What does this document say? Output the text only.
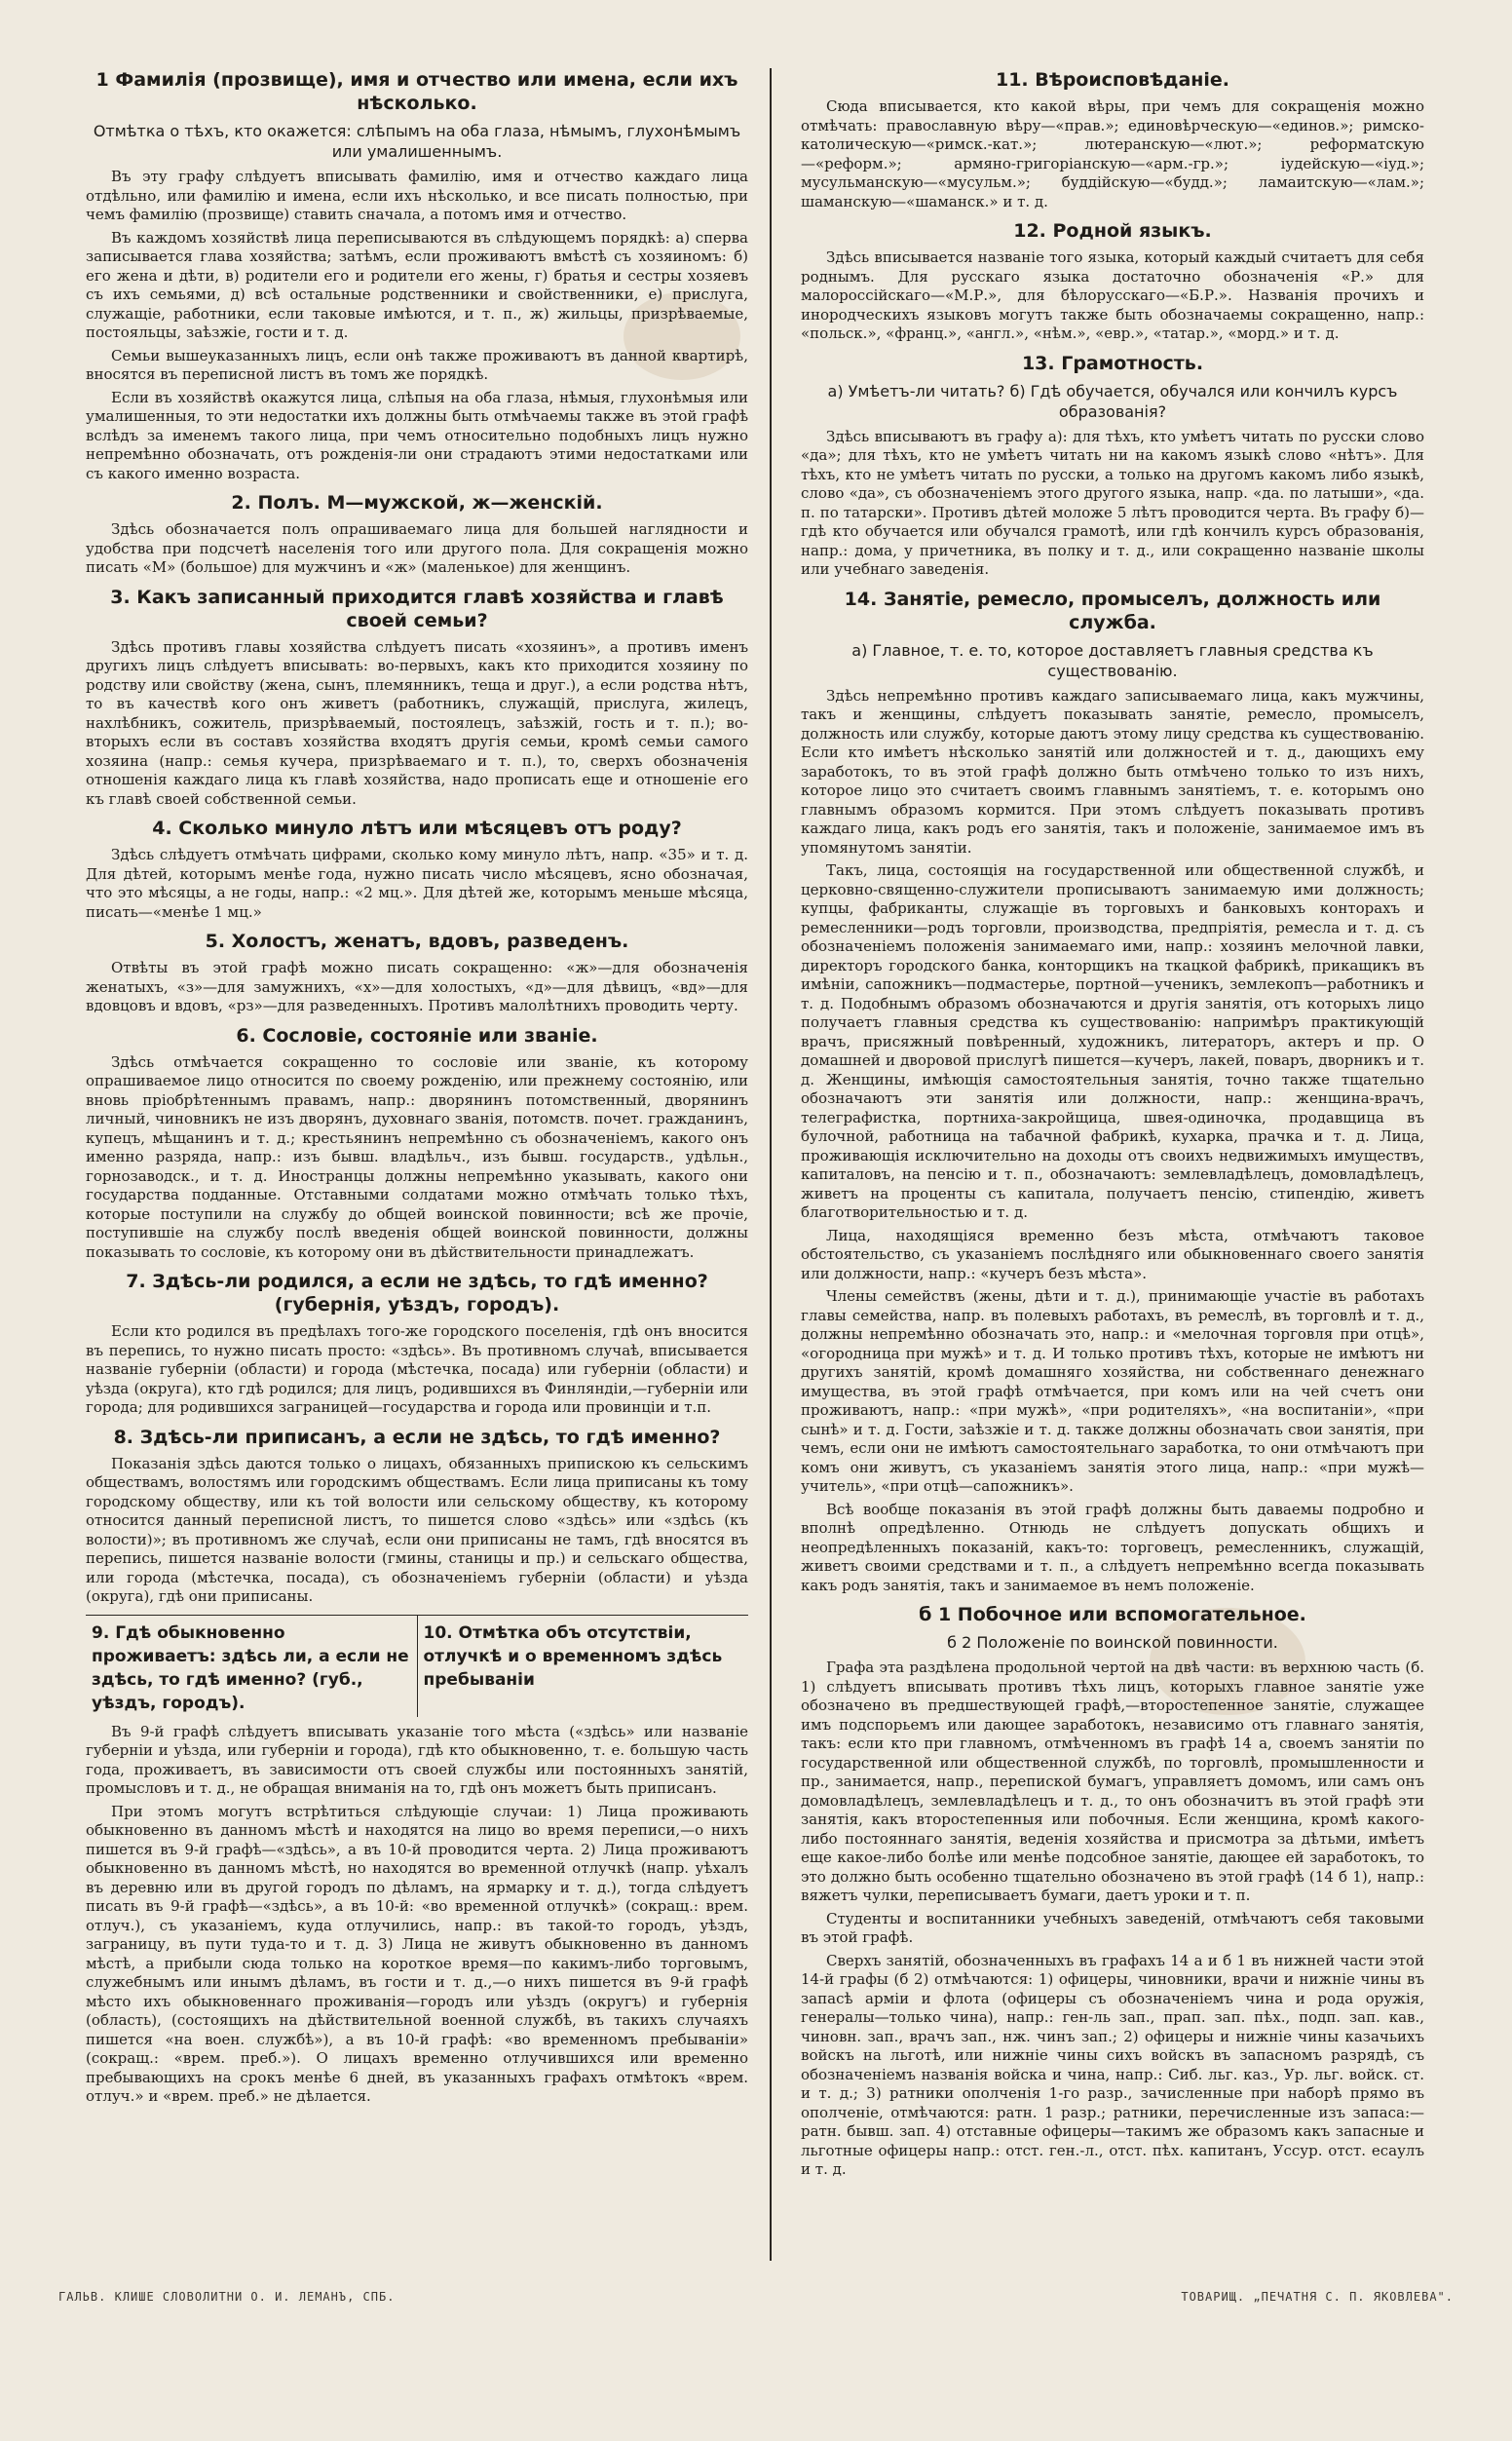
1 Фамилія (прозвище), имя и отчество или имена, если ихъ нѣсколько.
Отмѣтка о тѣхъ, кто окажется: слѣпымъ на оба глаза, нѣмымъ, глухонѣмымъ или умалишеннымъ.

Въ эту графу слѣдуетъ вписывать фамилію, имя и отчество каждаго лица отдѣльно, или фамилію и имена, если ихъ нѣсколько, и все писать полностью, при чемъ фамилію (прозвище) ставить сначала, а потомъ имя и отчество.

Въ каждомъ хозяйствѣ лица переписываются въ слѣдующемъ порядкѣ: а) сперва записывается глава хозяйства; затѣмъ, если проживаютъ вмѣстѣ съ хозяиномъ: б) его жена и дѣти, в) родители его и родители его жены, г) братья и сестры хозяевъ съ ихъ семьями, д) всѣ остальные родственники и свойственники, е) прислуга, служащіе, работники, если таковые имѣются, и т. п., ж) жильцы, призрѣваемые, постояльцы, заѣзжіе, гости и т. д.

Семьи вышеуказанныхъ лицъ, если онѣ также проживаютъ въ данной квартирѣ, вносятся въ переписной листъ въ томъ же порядкѣ.

Если въ хозяйствѣ окажутся лица, слѣпыя на оба глаза, нѣмыя, глухонѣмыя или умалишенныя, то эти недостатки ихъ должны быть отмѣчаемы также въ этой графѣ вслѣдъ за именемъ такого лица, при чемъ относительно подобныхъ лицъ нужно непремѣнно обозначать, отъ рожденія-ли они страдаютъ этими недостатками или съ какого именно возраста.

2. Полъ. М—мужской, ж—женскій.

Здѣсь обозначается полъ опрашиваемаго лица для большей наглядности и удобства при подсчетѣ населенія того или другого пола. Для сокращенія можно писать «М» (большое) для мужчинъ и «ж» (маленькое) для женщинъ.

3. Какъ записанный приходится главѣ хозяйства и главѣ своей семьи?

Здѣсь противъ главы хозяйства слѣдуетъ писать «хозяинъ», а противъ именъ другихъ лицъ слѣдуетъ вписывать: во-первыхъ, какъ кто приходится хозяину по родству или свойству (жена, сынъ, племянникъ, теща и друг.), а если родства нѣтъ, то въ качествѣ кого онъ живетъ (работникъ, служащій, прислуга, жилецъ, нахлѣбникъ, сожитель, призрѣваемый, постоялецъ, заѣзжій, гость и т. п.); во-вторыхъ если въ составъ хозяйства входятъ другія семьи, кромѣ семьи самого хозяина (напр.: семья кучера, призрѣваемаго и т. п.), то, сверхъ обозначенія отношенія каждаго лица къ главѣ хозяйства, надо прописать еще и отношеніе его къ главѣ своей собственной семьи.

4. Сколько минуло лѣтъ или мѣсяцевъ отъ роду?

Здѣсь слѣдуетъ отмѣчать цифрами, сколько кому минуло лѣтъ, напр. «35» и т. д. Для дѣтей, которымъ менѣе года, нужно писать число мѣсяцевъ, ясно обозначая, что это мѣсяцы, а не годы, напр.: «2 мц.». Для дѣтей же, которымъ меньше мѣсяца, писать—«менѣе 1 мц.»

5. Холостъ, женатъ, вдовъ, разведенъ.

Отвѣты въ этой графѣ можно писать сокращенно: «ж»—для обозначенія женатыхъ, «з»—для замужнихъ, «х»—для холостыхъ, «д»—для дѣвицъ, «вд»—для вдовцовъ и вдовъ, «рз»—для разведенныхъ. Противъ малолѣтнихъ проводить черту.

6. Сословіе, состояніе или званіе.

Здѣсь отмѣчается сокращенно то сословіе или званіе, къ которому опрашиваемое лицо относится по своему рожденію, или прежнему состоянію, или вновь пріобрѣтеннымъ правамъ, напр.: дворянинъ потомственный, дворянинъ личный, чиновникъ не изъ дворянъ, духовнаго званія, потомств. почет. гражданинъ, купецъ, мѣщанинъ и т. д.; крестьянинъ непремѣнно съ обозначеніемъ, какого онъ именно разряда, напр.: изъ бывш. владѣльч., изъ бывш. государств., удѣльн., горнозаводск., и т. д. Иностранцы должны непремѣнно указывать, какого они государства подданные. Отставными солдатами можно отмѣчать только тѣхъ, которые поступили на службу до общей воинской повинности; всѣ же прочіе, поступившіе на службу послѣ введенія общей воинской повинности, должны показывать то сословіе, къ которому они въ дѣйствительности принадлежатъ.

7. Здѣсь-ли родился, а если не здѣсь, то гдѣ именно? (губернія, уѣздъ, городъ).

Если кто родился въ предѣлахъ того-же городского поселенія, гдѣ онъ вносится въ перепись, то нужно писать просто: «здѣсь». Въ противномъ случаѣ, вписывается названіе губерніи (области) и города (мѣстечка, посада) или губерніи (области) и уѣзда (округа), кто гдѣ родился; для лицъ, родившихся въ Финляндіи,—губерніи или города; для родившихся заграницей—государства и города или провинціи и т.п.

8. Здѣсь-ли приписанъ, а если не здѣсь, то гдѣ именно?

Показанія здѣсь даются только о лицахъ, обязанныхъ припискою къ сельскимъ обществамъ, волостямъ или городскимъ обществамъ. Если лица приписаны къ тому городскому обществу, или къ той волости или сельскому обществу, къ которому относится данный переписной листъ, то пишется слово «здѣсь» или «здѣсь (къ волости)»; въ противномъ же случаѣ, если они приписаны не тамъ, гдѣ вносятся въ перепись, пишется названіе волости (гмины, станицы и пр.) и сельскаго общества, или города (мѣстечка, посада), съ обозначеніемъ губерніи (области) и уѣзда (округа), гдѣ они приписаны.

9. Гдѣ обыкновенно проживаетъ: здѣсь ли, а если не здѣсь, то гдѣ именно? (губ., уѣздъ, городъ).
10. Отмѣтка объ отсутствіи, отлучкѣ и о временномъ здѣсь пребываніи

Въ 9-й графѣ слѣдуетъ вписывать указаніе того мѣста («здѣсь» или названіе губерніи и уѣзда, или губерніи и города), гдѣ кто обыкновенно, т. е. большую часть года, проживаетъ, въ зависимости отъ своей службы или постоянныхъ занятій, промысловъ и т. д., не обращая вниманія на то, гдѣ онъ можетъ быть приписанъ.

При этомъ могутъ встрѣтиться слѣдующіе случаи: 1) Лица проживають обыкновенно въ данномъ мѣстѣ и находятся на лицо во время переписи,—о нихъ пишется въ 9-й графѣ—«здѣсь», а въ 10-й проводится черта. 2) Лица проживаютъ обыкновенно въ данномъ мѣстѣ, но находятся во временной отлучкѣ (напр. уѣхалъ въ деревню или въ другой городъ по дѣламъ, на ярмарку и т. д.), тогда слѣдуетъ писать въ 9-й графѣ—«здѣсь», а въ 10-й: «во временной отлучкѣ» (сокращ.: врем. отлуч.), съ указаніемъ, куда отлучились, напр.: въ такой-то городъ, уѣздъ, заграницу, въ пути туда-то и т. д. 3) Лица не живутъ обыкновенно въ данномъ мѣстѣ, а прибыли сюда только на короткое время—по какимъ-либо торговымъ, служебнымъ или инымъ дѣламъ, въ гости и т. д.,—о нихъ пишется въ 9-й графѣ мѣсто ихъ обыкновеннаго проживанія—городъ или уѣздъ (округъ) и губернія (область), (состоящихъ на дѣйствительной военной службѣ, въ такихъ случаяхъ пишется «на воен. службѣ»), а въ 10-й графѣ: «во временномъ пребываніи» (сокращ.: «врем. преб.»). О лицахъ временно отлучившихся или временно пребывающихъ на срокъ менѣе 6 дней, въ указанныхъ графахъ отмѣтокъ «врем. отлуч.» и «врем. преб.» не дѣлается.

11. Вѣроисповѣданіе.

Сюда вписывается, кто какой вѣры, при чемъ для сокращенія можно отмѣчать: православную вѣру—«прав.»; единовѣрческую—«единов.»; римско-католическую—«римск.-кат.»; лютеранскую—«лют.»; реформатскую—«реформ.»; армяно-григоріанскую—«арм.-гр.»; іудейскую—«іуд.»; мусульманскую—«мусульм.»; буддійскую—«будд.»; ламаитскую—«лам.»; шаманскую—«шаманск.» и т. д.

12. Родной языкъ.

Здѣсь вписывается названіе того языка, который каждый считаетъ для себя роднымъ. Для русскаго языка достаточно обозначенія «Р.» для малороссійскаго—«М.Р.», для бѣлорусскаго—«Б.Р.». Названія прочихъ и инородческихъ языковъ могутъ также быть обозначаемы сокращенно, напр.: «польск.», «франц.», «англ.», «нѣм.», «евр.», «татар.», «морд.» и т. д.

13. Грамотность.
а) Умѣетъ-ли читать? б) Гдѣ обучается, обучался или кончилъ курсъ образованія?

Здѣсь вписываютъ въ графу а): для тѣхъ, кто умѣетъ читать по русски слово «да»; для тѣхъ, кто не умѣетъ читать ни на какомъ языкѣ слово «нѣтъ». Для тѣхъ, кто не умѣетъ читать по русски, а только на другомъ какомъ либо языкѣ, слово «да», съ обозначеніемъ этого другого языка, напр. «да. по латыши», «да. п. по татарски». Противъ дѣтей моложе 5 лѣтъ проводится черта. Въ графу б)—гдѣ кто обучается или обучался грамотѣ, или гдѣ кончилъ курсъ образованія, напр.: дома, у причетника, въ полку и т. д., или сокращенно названіе школы или учебнаго заведенія.

14. Занятіе, ремесло, промыселъ, должность или служба.
а) Главное, т. е. то, которое доставляетъ главныя средства къ существованію.

Здѣсь непремѣнно противъ каждаго записываемаго лица, какъ мужчины, такъ и женщины, слѣдуетъ показывать занятіе, ремесло, промыселъ, должность или службу, которые даютъ этому лицу средства къ существованію. Если кто имѣетъ нѣсколько занятій или должностей и т. д., дающихъ ему заработокъ, то въ этой графѣ должно быть отмѣчено только то изъ нихъ, которое лицо это считаетъ своимъ главнымъ занятіемъ, т. е. которымъ оно главнымъ образомъ кормится. При этомъ слѣдуетъ показывать противъ каждаго лица, какъ родъ его занятія, такъ и положеніе, занимаемое имъ въ упомянутомъ занятіи.

Такъ, лица, состоящія на государственной или общественной службѣ, и церковно-священно-служители прописываютъ занимаемую ими должность; купцы, фабриканты, служащіе въ торговыхъ и банковыхъ конторахъ и ремесленники—родъ торговли, производства, предпріятія, ремесла и т. д. съ обозначеніемъ положенія занимаемаго ими, напр.: хозяинъ мелочной лавки, директоръ городского банка, конторщикъ на ткацкой фабрикѣ, прикащикъ въ имѣніи, сапожникъ—подмастерье, портной—ученикъ, землекопъ—работникъ и т. д. Подобнымъ образомъ обозначаются и другія занятія, отъ которыхъ лицо получаетъ главныя средства къ существованію: напримѣръ практикующій врачъ, присяжный повѣренный, художникъ, литераторъ, актеръ и пр. О домашней и дворовой прислугѣ пишется—кучеръ, лакей, поваръ, дворникъ и т. д. Женщины, имѣющія самостоятельныя занятія, точно также тщательно обозначаютъ эти занятія или должности, напр.: женщина-врачъ, телеграфистка, портниха-закройщица, швея-одиночка, продавщица въ булочной, работница на табачной фабрикѣ, кухарка, прачка и т. д. Лица, проживающія исключительно на доходы отъ своихъ недвижимыхъ имуществъ, капиталовъ, на пенсію и т. п., обозначаютъ: землевладѣлецъ, домовладѣлецъ, живетъ на проценты съ капитала, получаетъ пенсію, стипендію, живетъ благотворительностью и т. д.

Лица, находящіяся временно безъ мѣста, отмѣчаютъ таковое обстоятельство, съ указаніемъ послѣдняго или обыкновеннаго своего занятія или должности, напр.: «кучеръ безъ мѣста».

Члены семействъ (жены, дѣти и т. д.), принимающіе участіе въ работахъ главы семейства, напр. въ полевыхъ работахъ, въ ремеслѣ, въ торговлѣ и т. д., должны непремѣнно обозначать это, напр.: и «мелочная торговля при отцѣ», «огородница при мужѣ» и т. д. И только противъ тѣхъ, которые не имѣютъ ни другихъ занятій, кромѣ домашняго хозяйства, ни собственнаго денежнаго имущества, въ этой графѣ отмѣчается, при комъ или на чей счетъ они проживаютъ, напр.: «при мужѣ», «при родителяхъ», «на воспитаніи», «при сынѣ» и т. д. Гости, заѣзжіе и т. д. также должны обозначать свои занятія, при чемъ, если они не имѣютъ самостоятельнаго заработка, то они отмѣчаютъ при комъ они живутъ, съ указаніемъ занятія этого лица, напр.: «при мужѣ—учитель», «при отцѣ—сапожникъ».

Всѣ вообще показанія въ этой графѣ должны быть даваемы подробно и вполнѣ опредѣленно. Отнюдь не слѣдуетъ допускать общихъ и неопредѣленныхъ показаній, какъ-то: торговецъ, ремесленникъ, служащій, живетъ своими средствами и т. п., а слѣдуетъ непремѣнно всегда показывать какъ родъ занятія, такъ и занимаемое въ немъ положеніе.

б 1 Побочное или вспомогательное.
б 2 Положеніе по воинской повинности.

Графа эта раздѣлена продольной чертой на двѣ части: въ верхнюю часть (б. 1) слѣдуетъ вписывать противъ тѣхъ лицъ, которыхъ главное занятіе уже обозначено въ предшествующей графѣ,—второстепенное занятіе, служащее имъ подспорьемъ или дающее заработокъ, независимо отъ главнаго занятія, такъ: если кто при главномъ, отмѣченномъ въ графѣ 14 а, своемъ занятіи по государственной или общественной службѣ, по торговлѣ, промышленности и пр., занимается, напр., перепиской бумагъ, управляетъ домомъ, или самъ онъ домовладѣлецъ, землевладѣлецъ и т. д., то онъ обозначитъ въ этой графѣ эти занятія, какъ второстепенныя или побочныя. Если женщина, кромѣ какого-либо постояннаго занятія, веденія хозяйства и присмотра за дѣтьми, имѣетъ еще какое-либо болѣе или менѣе подсобное занятіе, дающее ей заработокъ, то это должно быть особенно тщательно обозначено въ этой графѣ (14 б 1), напр.: вяжетъ чулки, переписываетъ бумаги, даетъ уроки и т. п.

Студенты и воспитанники учебныхъ заведеній, отмѣчаютъ себя таковыми въ этой графѣ.

Сверхъ занятій, обозначенныхъ въ графахъ 14 а и б 1 въ нижней части этой 14-й графы (б 2) отмѣчаются: 1) офицеры, чиновники, врачи и нижніе чины въ запасѣ арміи и флота (офицеры съ обозначеніемъ чина и рода оружія, генералы—только чина), напр.: ген-ль зап., прап. зап. пѣх., подп. зап. кав., чиновн. зап., врачъ зап., нж. чинъ зап.; 2) офицеры и нижніе чины казачьихъ войскъ на льготѣ, или нижніе чины сихъ войскъ въ запасномъ разрядѣ, съ обозначеніемъ названія войска и чина, напр.: Сиб. льг. каз., Ур. льг. войск. ст. и т. д.; 3) ратники ополченія 1-го разр., зачисленные при наборѣ прямо въ ополченіе, отмѣчаются: ратн. 1 разр.; ратники, перечисленные изъ запаса:—ратн. бывш. зап. 4) отставные офицеры—такимъ же образомъ какъ запасные и льготные офицеры напр.: отст. ген.-л., отст. пѣх. капитанъ, Уссур. отст. есаулъ и т. д.

ГАЛЬВ. КЛИШЕ СЛОВОЛИТНИ О. И. ЛЕМАНЪ, СПБ.	ТОВАРИЩ. „ПЕЧАТНЯ С. П. ЯКОВЛЕВА".
